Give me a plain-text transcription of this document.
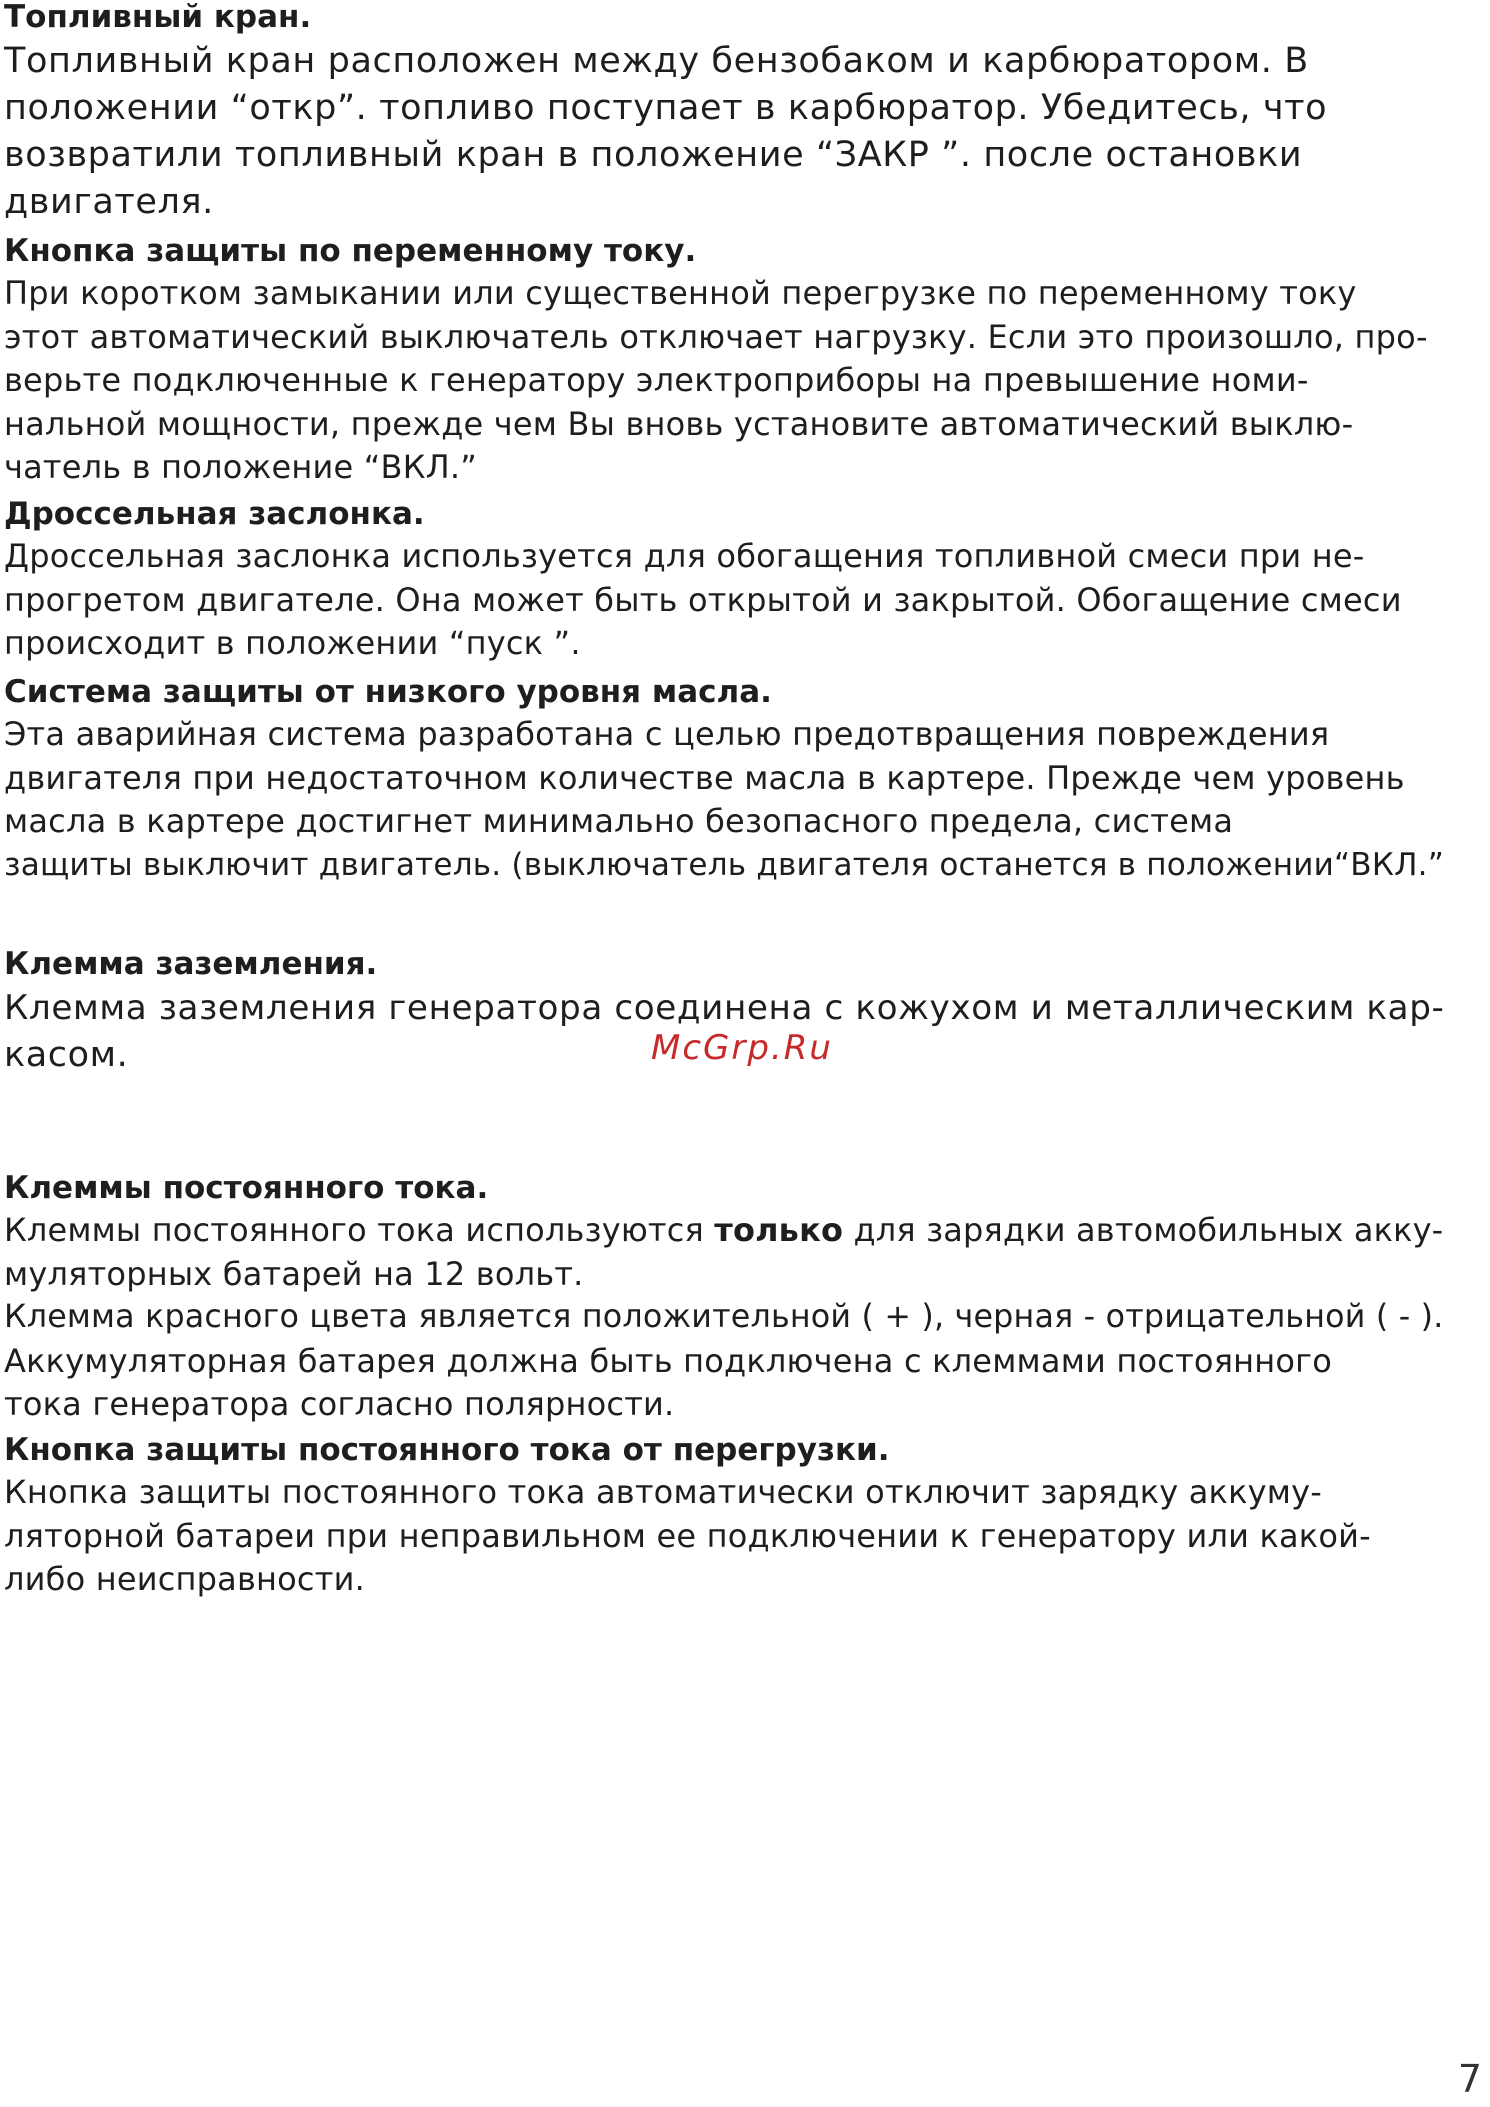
Топливный кран.
Топливный кран расположен между бензобаком и карбюратором. В
положении “откр”. топливо поступает в карбюратор. Убедитесь, что
возвратили топливный кран в положение “ЗАКР ”. после остановки
двигателя.
Кнопка защиты по переменному току.
При коротком замыкании или существенной перегрузке по переменному току
этот автоматический выключатель отключает нагрузку. Если это произошло, про-
верьте подключенные к генератору электроприборы на превышение номи-
нальной мощности, прежде чем Вы вновь установите автоматический выклю-
чатель в положение “ВКЛ.”
Дроссельная заслонка.
Дроссельная заслонка используется для обогащения топливной смеси при не-
прогретом двигателе. Она может быть открытой и закрытой. Обогащение смеси
происходит в положении “пуск ”.
Система защиты от низкого уровня масла.
Эта аварийная система разработана с целью предотвращения повреждения
двигателя при недостаточном количестве масла в картере. Прежде чем уровень
масла в картере достигнет минимально безопасного предела, система
защиты выключит двигатель. (выключатель двигателя останется в положении“ВКЛ.”
Клемма заземления.
Клемма заземления генератора соединена с кожухом и металлическим кар-
касом.
Клеммы постоянного тока.
Клеммы постоянного тока используются только для зарядки автомобильных акку-
муляторных батарей на 12 вольт.
Клемма красного цвета является положительной ( + ), черная - отрицательной ( - ).
Аккумуляторная батарея должна быть подключена с клеммами постоянного
тока генератора согласно полярности.
Кнопка защиты постоянного тока от перегрузки.
Кнопка защиты постоянного тока автоматически отключит зарядку аккуму-
ляторной батареи при неправильном ее подключении к генератору или какой-
либо неисправности.
McGrp.Ru
7
